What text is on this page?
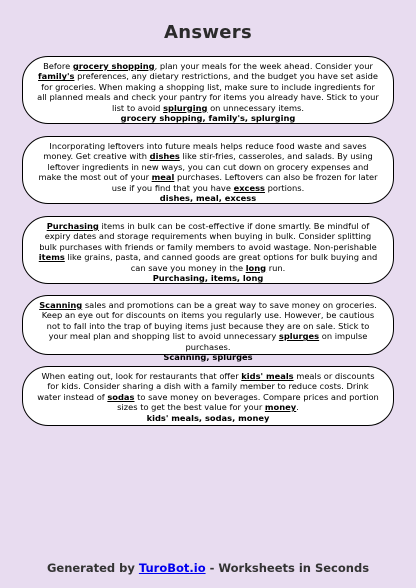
Answers
Before grocery shopping, plan your meals for the week ahead. Consider your family's preferences, any dietary restrictions, and the budget you have set aside for groceries. When making a shopping list, make sure to include ingredients for all planned meals and check your pantry for items you already have. Stick to your list to avoid splurging on unnecessary items.
grocery shopping, family's, splurging
Incorporating leftovers into future meals helps reduce food waste and saves money. Get creative with dishes like stir-fries, casseroles, and salads. By using leftover ingredients in new ways, you can cut down on grocery expenses and make the most out of your meal purchases. Leftovers can also be frozen for later use if you find that you have excess portions.
dishes, meal, excess
Purchasing items in bulk can be cost-effective if done smartly. Be mindful of expiry dates and storage requirements when buying in bulk. Consider splitting bulk purchases with friends or family members to avoid wastage. Non-perishable items like grains, pasta, and canned goods are great options for bulk buying and can save you money in the long run.
Purchasing, items, long
Scanning sales and promotions can be a great way to save money on groceries. Keep an eye out for discounts on items you regularly use. However, be cautious not to fall into the trap of buying items just because they are on sale. Stick to your meal plan and shopping list to avoid unnecessary splurges on impulse purchases.
Scanning, splurges
When eating out, look for restaurants that offer kids' meals meals or discounts for kids. Consider sharing a dish with a family member to reduce costs. Drink water instead of sodas to save money on beverages. Compare prices and portion sizes to get the best value for your money.
kids' meals, sodas, money
Generated by TuroBot.io - Worksheets in Seconds
